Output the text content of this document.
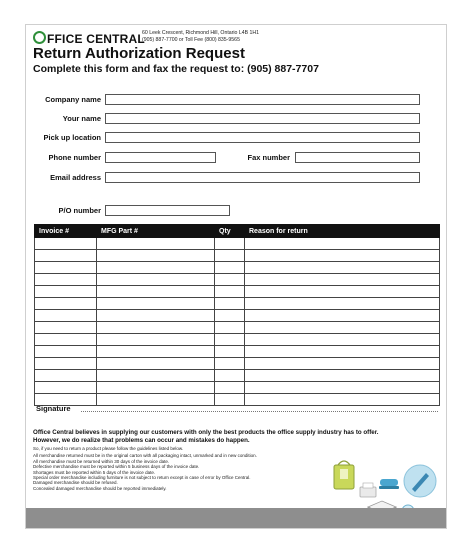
FFICE CENTRAL
60 Leek Crescent, Richmond Hill, Ontario L4B 1H1
(905) 887-7700 or Toll Fee (800) 835-9565
Return Authorization Request
Complete this form and fax the request to: (905) 887-7707
Company name
Your name
Pick up location
Phone number	Fax number
Email address
P/O number
Invoice #	MFG Part #	Qty	Reason for return

Signature
Office Central believes in supplying our customers with only the best products the office supply industry has to offer.
However, we do realize that problems can occur and mistakes do happen.
So, if you need to return a product please follow the guidelines listed below.
All merchandise returned must be in the original carton with all packaging intact, unmarked and in new condition.
All merchandise must be returned within 30 days of the invoice date.
Defective merchandise must be reported within 5 business days of the invoice date.
Shortages must be reported within 5 days of the invoice date.
Special order merchandise including furniture is not subject to return except in case of error by Office Central.
Damaged merchandise should be refused.
Concealed damaged merchandise should be reported immediately.
